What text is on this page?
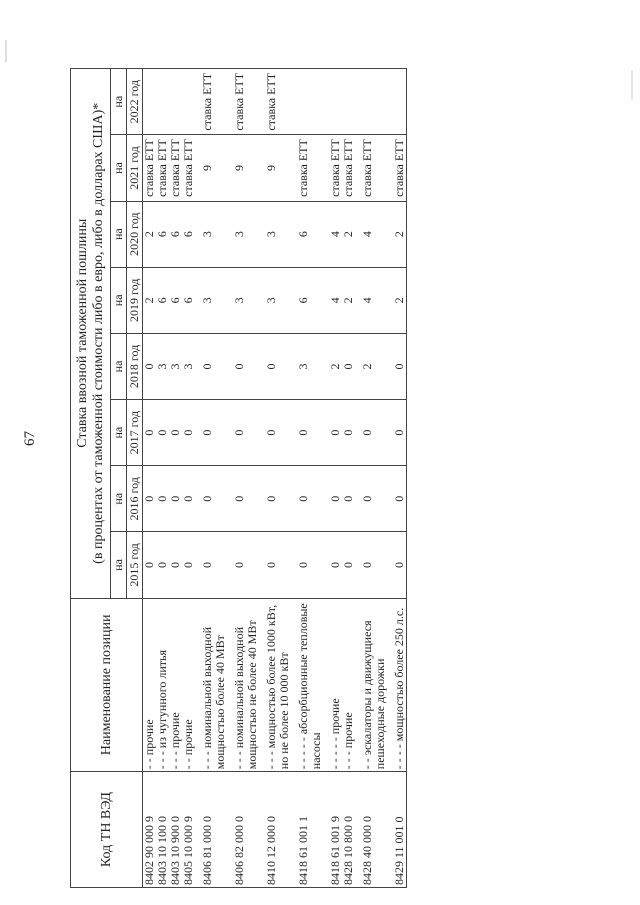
67
Код ТН ВЭД	Наименование позиции	Ставка ввозной таможенной пошлины (в процентах от таможенной стоимости либо в евро, либо в долларах США)*							

		на	на	на	на	на	на	на	на
		2015 год	2016 год	2017 год	2018 год	2019 год	2020 год	2021 год	2022 год
8402 90 000 9	- - прочие	0	0	0	0	2	2	ставка ЕТТ	
8403 10 100 0	- - - из чугунного литья	0	0	0	3	6	6	ставка ЕТТ	
8403 10 900 0	- - - прочие	0	0	0	3	6	6	ставка ЕТТ	
8405 10 000 9	- - прочие	0	0	0	3	6	6	ставка ЕТТ	

8406 81 000 0	- - - номинальной выходной мощностью более 40 МВт	0	0	0	0	3	3	9	ставка ЕТТ

8406 82 000 0	- - - номинальной выходной мощностью не более 40 МВт	0	0	0	0	3	3	9	ставка ЕТТ

8410 12 000 0	- - - мощностью более 1000 кВт, но не более 10 000 кВт	0	0	0	0	3	3	9	ставка ЕТТ

8418 61 001 1	- - - - - абсорбционные тепловые насосы	0	0	0	3	6	6	ставка ЕТТ	

8418 61 001 9	- - - - - прочие	0	0	0	2	4	4	ставка ЕТТ	
8428 10 800 0	- - - прочие	0	0	0	0	2	2	ставка ЕТТ	

8428 40 000 0	- - эскалаторы и движущиеся пешеходные дорожки	0	0	0	2	4	4	ставка ЕТТ	

8429 11 001 0	- - - - мощностью более 250 л.с.	0	0	0	0	2	2	ставка ЕТТ	
